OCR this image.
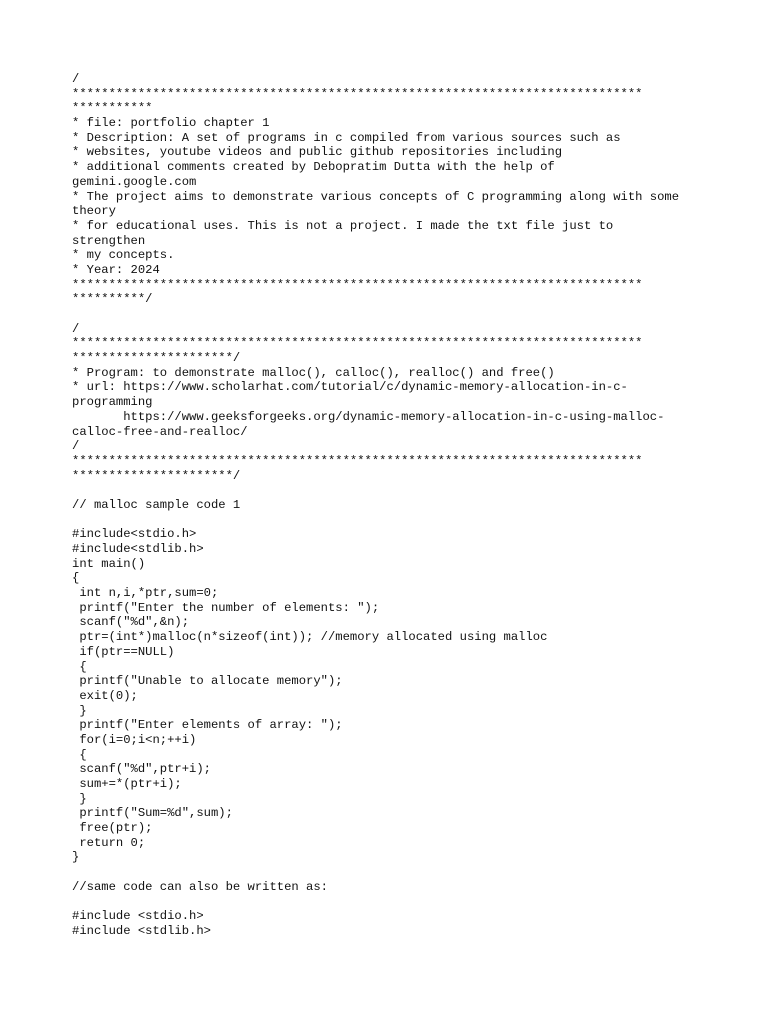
/
******************************************************************************
***********
* file: portfolio chapter 1
* Description: A set of programs in c compiled from various sources such as
* websites, youtube videos and public github repositories including
* additional comments created by Debopratim Dutta with the help of
gemini.google.com
* The project aims to demonstrate various concepts of C programming along with some
theory
* for educational uses. This is not a project. I made the txt file just to
strengthen
* my concepts.
* Year: 2024
******************************************************************************
**********/
/
******************************************************************************
**********************/
* Program: to demonstrate malloc(), calloc(), realloc() and free()
* url: https://www.scholarhat.com/tutorial/c/dynamic-memory-allocation-in-c-
programming
https://www.geeksforgeeks.org/dynamic-memory-allocation-in-c-using-malloc-
calloc-free-and-realloc/
/
******************************************************************************
**********************/
// malloc sample code 1
#include<stdio.h>
#include<stdlib.h>
int main()
{
int n,i,*ptr,sum=0;
printf("Enter the number of elements: ");
scanf("%d",&n);
ptr=(int*)malloc(n*sizeof(int)); //memory allocated using malloc
if(ptr==NULL)
{
printf("Unable to allocate memory");
exit(0);
}
printf("Enter elements of array: ");
for(i=0;i<n;++i)
{
scanf("%d",ptr+i);
sum+=*(ptr+i);
}
printf("Sum=%d",sum);
free(ptr);
return 0;
}
//same code can also be written as:
#include <stdio.h>
#include <stdlib.h>
